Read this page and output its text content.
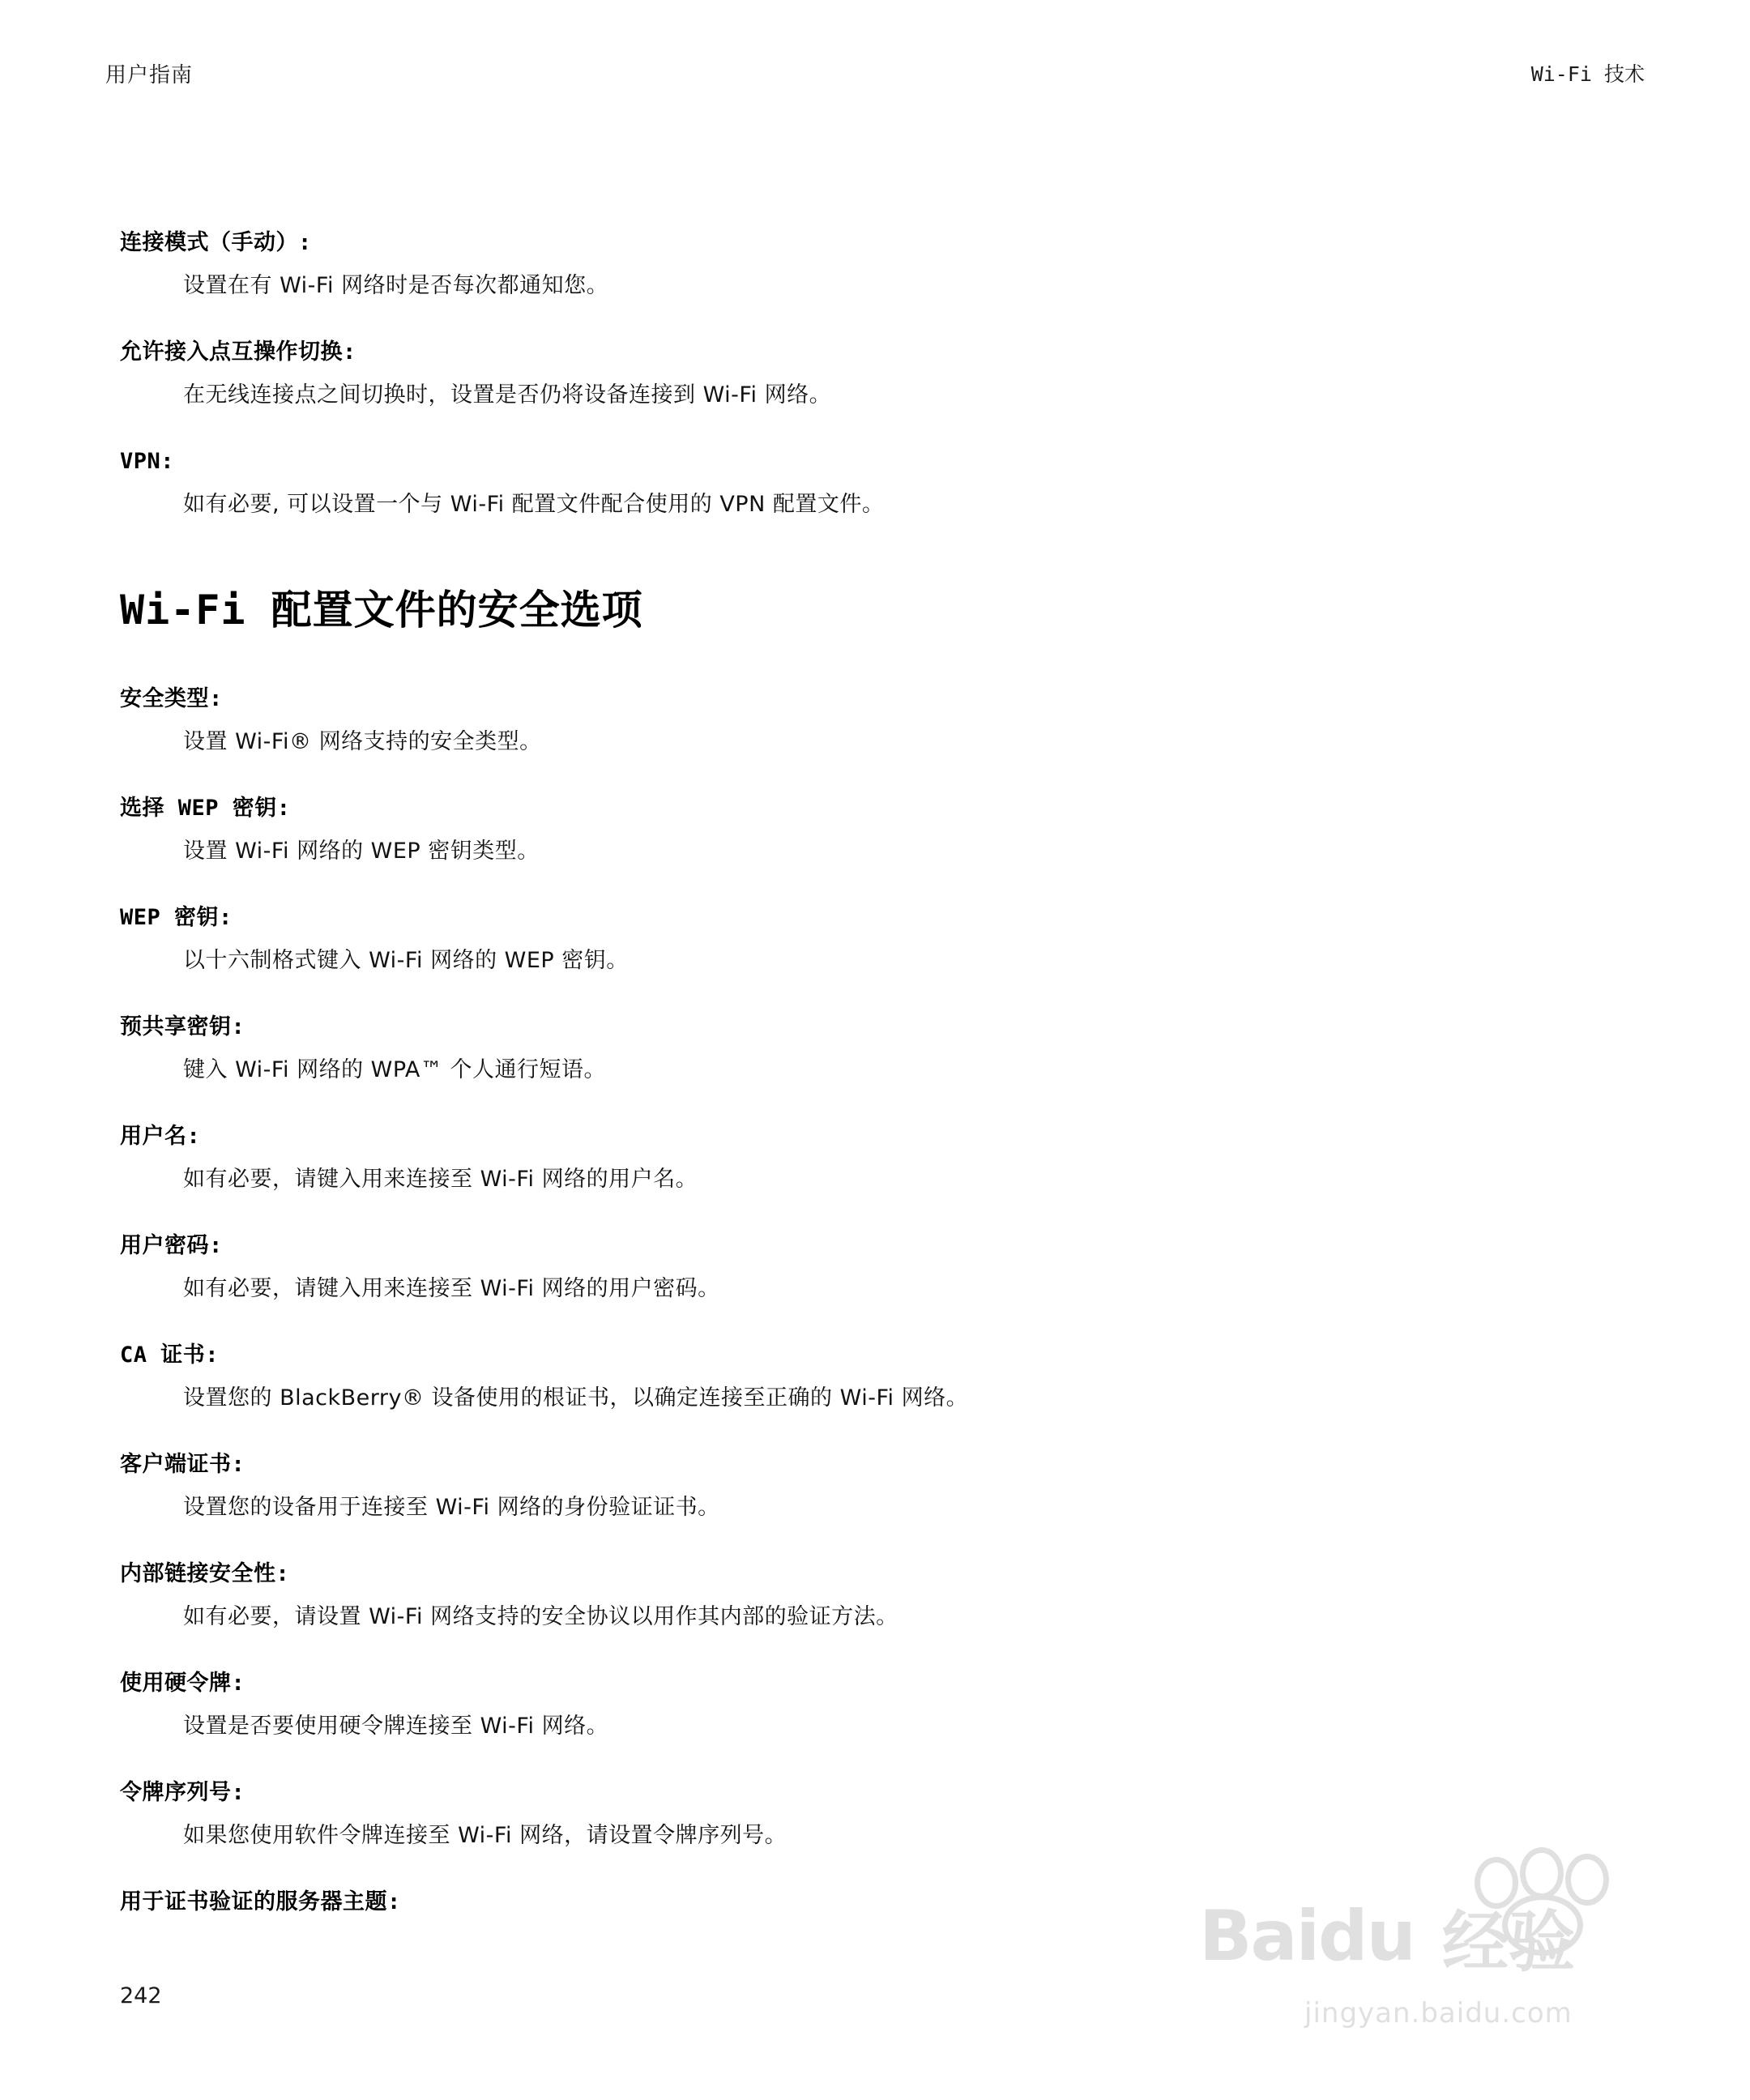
用户指南	Wi-Fi 技术
连接模式（手动）:
设置在有 Wi-Fi 网络时是否每次都通知您。
允许接入点互操作切换:
在无线连接点之间切换时，设置是否仍将设备连接到 Wi-Fi 网络。
VPN:
如有必要, 可以设置一个与 Wi-Fi 配置文件配合使用的 VPN 配置文件。
Wi-Fi 配置文件的安全选项
安全类型:
设置 Wi-Fi® 网络支持的安全类型。
选择 WEP 密钥:
设置 Wi-Fi 网络的 WEP 密钥类型。
WEP 密钥:
以十六制格式键入 Wi-Fi 网络的 WEP 密钥。
预共享密钥:
键入 Wi-Fi 网络的 WPA™ 个人通行短语。
用户名:
如有必要，请键入用来连接至 Wi-Fi 网络的用户名。
用户密码:
如有必要，请键入用来连接至 Wi-Fi 网络的用户密码。
CA 证书:
设置您的 BlackBerry® 设备使用的根证书，以确定连接至正确的 Wi-Fi 网络。
客户端证书:
设置您的设备用于连接至 Wi-Fi 网络的身份验证证书。
内部链接安全性:
如有必要，请设置 Wi-Fi 网络支持的安全协议以用作其内部的验证方法。
使用硬令牌:
设置是否要使用硬令牌连接至 Wi-Fi 网络。
令牌序列号:
如果您使用软件令牌连接至 Wi-Fi 网络，请设置令牌序列号。
用于证书验证的服务器主题:
242
Baidu 经验
jingyan.baidu.com
